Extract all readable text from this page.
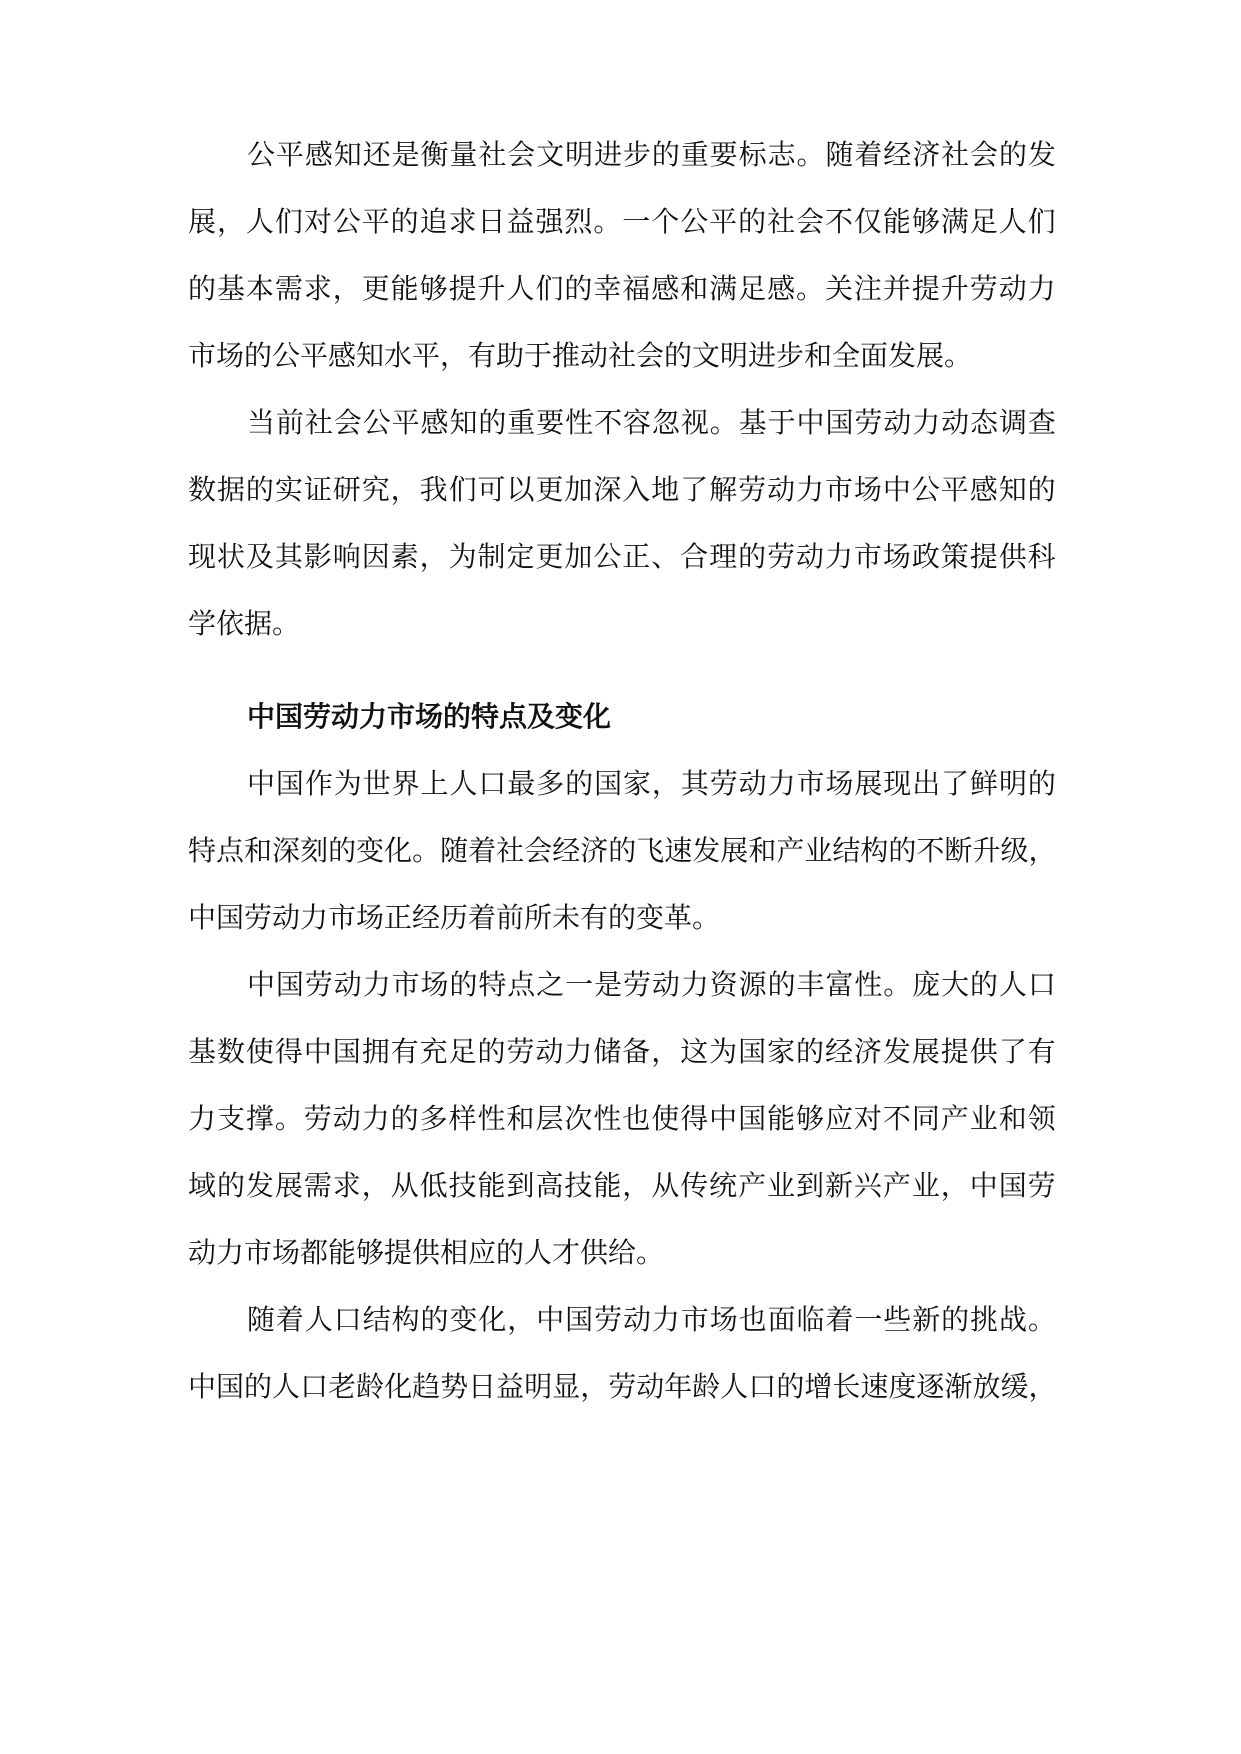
公 平 感 知 还 是 衡 量 社 会 文 明 进 步 的 重 要 标 志 。 随 着 经 济 社 会 的 发
展 ， 人 们 对 公 平 的 追 求 日 益 强 烈 。 一 个 公 平 的 社 会 不 仅 能 够 满 足 人 们
的 基 本 需 求 ， 更 能 够 提 升 人 们 的 幸 福 感 和 满 足 感 。 关 注 并 提 升 劳 动 力
市场的公平感知水平，有助于推动社会的文明进步和全面发展。
当 前 社 会 公 平 感 知 的 重 要 性 不 容 忽 视 。 基 于 中 国 劳 动 力 动 态 调 查
数 据 的 实 证 研 究 ， 我 们 可 以 更 加 深 入 地 了 解 劳 动 力 市 场 中 公 平 感 知 的
现 状 及 其 影 响 因 素 ， 为 制 定 更 加 公 正 、 合 理 的 劳 动 力 市 场 政 策 提 供 科
学依据。
中国劳动力市场的特点及变化
中 国 作 为 世 界 上 人 口 最 多 的 国 家 ， 其 劳 动 力 市 场 展 现 出 了 鲜 明 的
特 点 和 深 刻 的 变 化 。 随 着 社 会 经 济 的 飞 速 发 展 和 产 业 结 构 的 不 断 升 级 ，
中国劳动力市场正经历着前所未有的变革。
中 国 劳 动 力 市 场 的 特 点 之 一 是 劳 动 力 资 源 的 丰 富 性 。 庞 大 的 人 口
基 数 使 得 中 国 拥 有 充 足 的 劳 动 力 储 备 ， 这 为 国 家 的 经 济 发 展 提 供 了 有
力 支 撑 。 劳 动 力 的 多 样 性 和 层 次 性 也 使 得 中 国 能 够 应 对 不 同 产 业 和 领
域 的 发 展 需 求 ， 从 低 技 能 到 高 技 能 ， 从 传 统 产 业 到 新 兴 产 业 ， 中 国 劳
动力市场都能够提供相应的人才供给。
随 着 人 口 结 构 的 变 化 ， 中 国 劳 动 力 市 场 也 面 临 着 一 些 新 的 挑 战 。
中 国 的 人 口 老 龄 化 趋 势 日 益 明 显 ， 劳 动 年 龄 人 口 的 增 长 速 度 逐 渐 放 缓 ，
